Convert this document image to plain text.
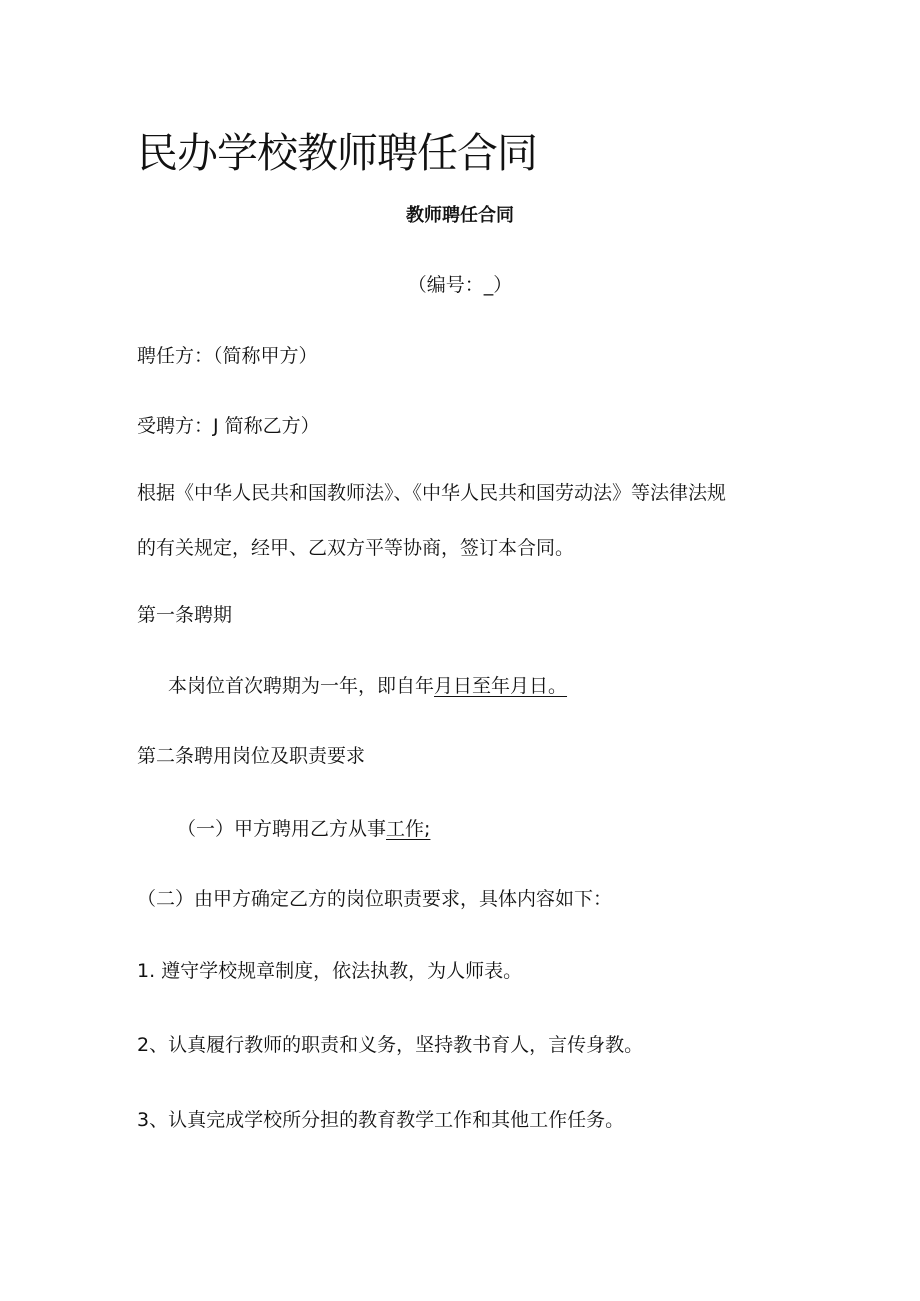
民办学校教师聘任合同
教师聘任合同
（编号：_）
聘任方：（简称甲方）
受聘方：J 简称乙方）
根据《中华人民共和国教师法》、《中华人民共和国劳动法》等法律法规
的有关规定，经甲、乙双方平等协商，签订本合同。
第一条聘期
本岗位首次聘期为一年，即自年月日至年月日。
第二条聘用岗位及职责要求
（一）甲方聘用乙方从事工作;
（二）由甲方确定乙方的岗位职责要求，具体内容如下：
1. 遵守学校规章制度，依法执教，为人师表。
2、认真履行教师的职责和义务，坚持教书育人，言传身教。
3、认真完成学校所分担的教育教学工作和其他工作任务。
